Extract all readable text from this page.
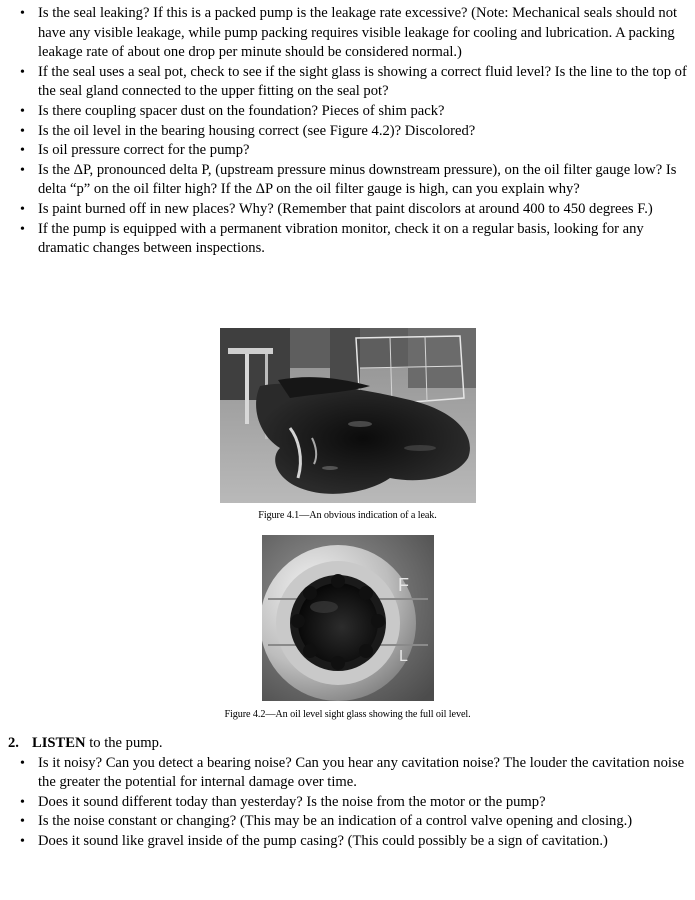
• Is the seal leaking? If this is a packed pump is the leakage rate excessive? (Note: Mechanical seals should not have any visible leakage, while pump packing requires visible leakage for cooling and lubrication. A packing leakage rate of about one drop per minute should be considered normal.)
• If the seal uses a seal pot, check to see if the sight glass is showing a correct fluid level? Is the line to the top of the seal gland connected to the upper fitting on the seal pot?
• Is there coupling spacer dust on the foundation? Pieces of shim pack?
• Is the oil level in the bearing housing correct (see Figure 4.2)? Discolored?
• Is oil pressure correct for the pump?
• Is the ΔP, pronounced delta P, (upstream pressure minus downstream pressure), on the oil filter gauge low? Is delta “p” on the oil filter high? If the ΔP on the oil filter gauge is high, can you explain why?
• Is paint burned off in new places? Why? (Remember that paint discolors at around 400 to 450 degrees F.)
• If the pump is equipped with a permanent vibration monitor, check it on a regular basis, looking for any dramatic changes between inspections.
Figure 4.1—An obvious indication of a leak.
F
L
Figure 4.2—An oil level sight glass showing the full oil level.
2. LISTEN to the pump.
• Is it noisy? Can you detect a bearing noise? Can you hear any cavitation noise? The louder the cavitation noise the greater the potential for internal damage over time.
• Does it sound different today than yesterday? Is the noise from the motor or the pump?
• Is the noise constant or changing? (This may be an indication of a control valve opening and closing.)
• Does it sound like gravel inside of the pump casing? (This could possibly be a sign of cavitation.)
